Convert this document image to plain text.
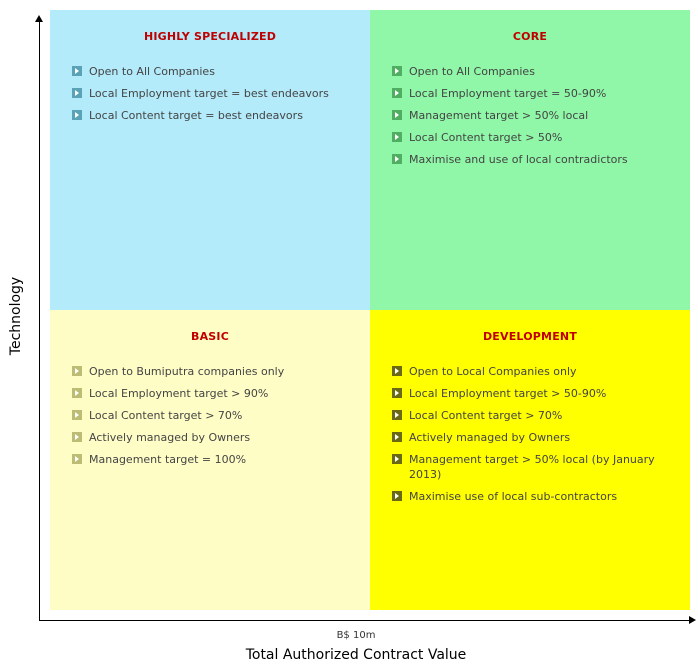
HIGHLY SPECIALIZED
Open to All Companies
Local Employment target = best endeavors
Local Content target = best endeavors
CORE
Open to All Companies
Local Employment target = 50-90%
Management target > 50% local
Local Content target > 50%
Maximise and use of local contradictors
BASIC
Open to Bumiputra companies only
Local Employment target > 90%
Local Content target > 70%
Actively managed by Owners
Management target = 100%
DEVELOPMENT
Open to Local Companies only
Local Employment target > 50-90%
Local Content target > 70%
Actively managed by Owners
Management target > 50% local (by January 2013)
Maximise use of local sub-contractors
Technology
B$ 10m
Total Authorized Contract Value
